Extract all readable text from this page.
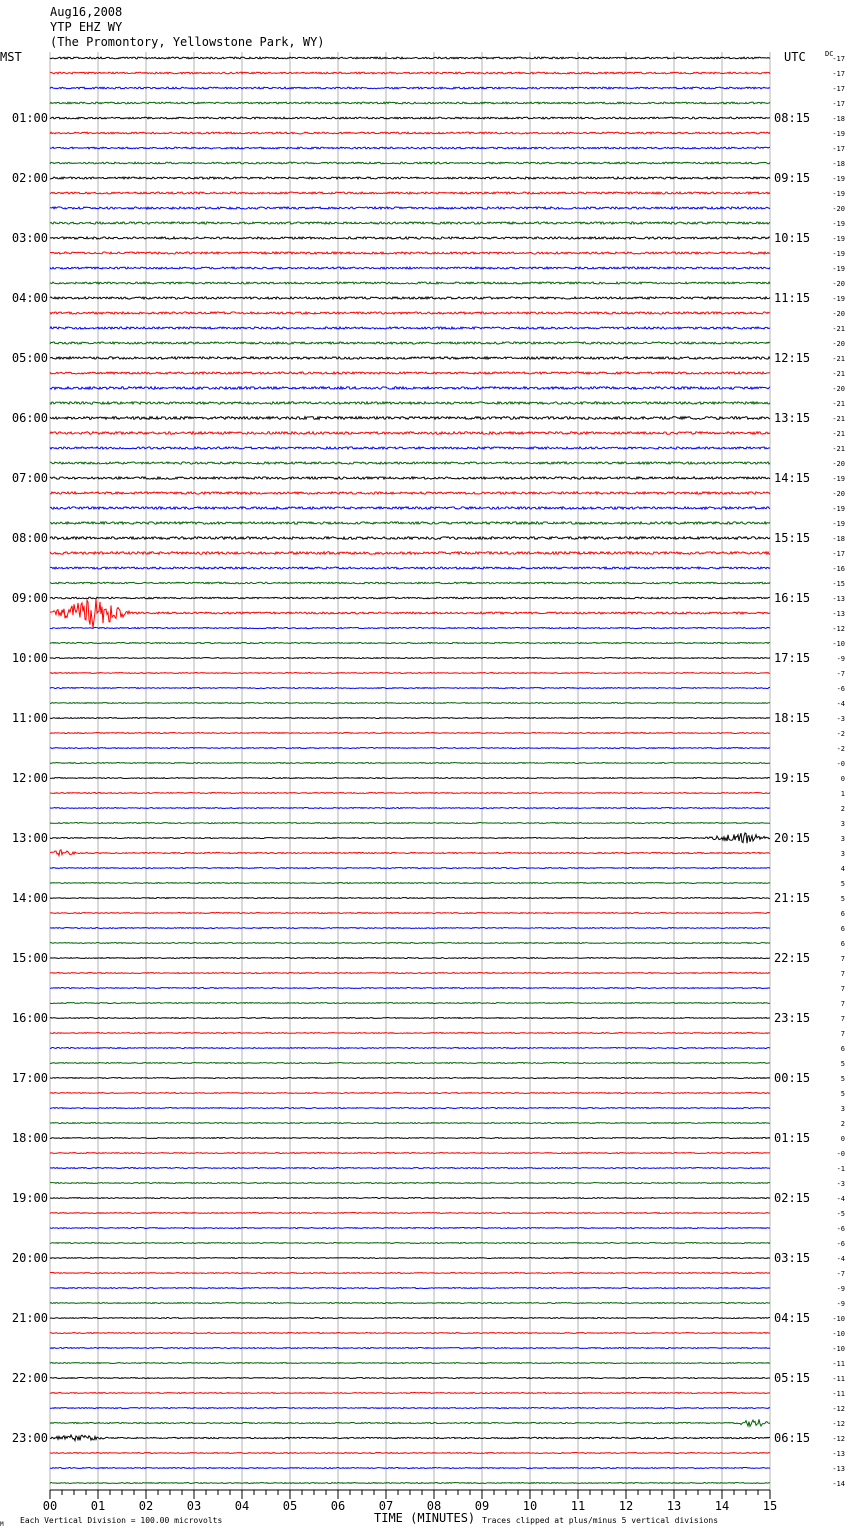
Aug16,2008
YTP EHZ WY
(The Promontory, Yellowstone Park, WY)
MST	UTC	DC
01:00
02:00
03:00
04:00
05:00
06:00
07:00
08:00
09:00
10:00
11:00
12:00
13:00
14:00
15:00
16:00
17:00
18:00
19:00
20:00
21:00
22:00
23:00
08:15
09:15
10:15
11:15
12:15
13:15
14:15
15:15
16:15
17:15
18:15
19:15
20:15
21:15
22:15
23:15
00:15
01:15
02:15
03:15
04:15
05:15
06:15
-17
-17
-17
-17
-18
-19
-17
-18
-19
-19
-20
-19
-19
-19
-19
-20
-19
-20
-21
-20
-21
-21
-20
-21
-21
-21
-21
-20
-19
-20
-19
-19
-18
-17
-16
-15
-13
-13
-12
-10
-9
-7
-6
-4
-3
-2
-2
-0
0
1
2
3
3
3
4
5
5
6
6
6
7
7
7
7
7
7
6
5
5
5
3
2
0
-0
-1
-3
-4
-5
-6
-6
-4
-7
-9
-9
-10
-10
-10
-11
-11
-11
-12
-12
-12
-13
-13
-14
00	01	02	03	04	05	06	07	08	09	10	11	12	13	14	15
M Each Vertical Division = 100.00 microvolts	TIME (MINUTES) Traces clipped at plus/minus 5 vertical divisions
